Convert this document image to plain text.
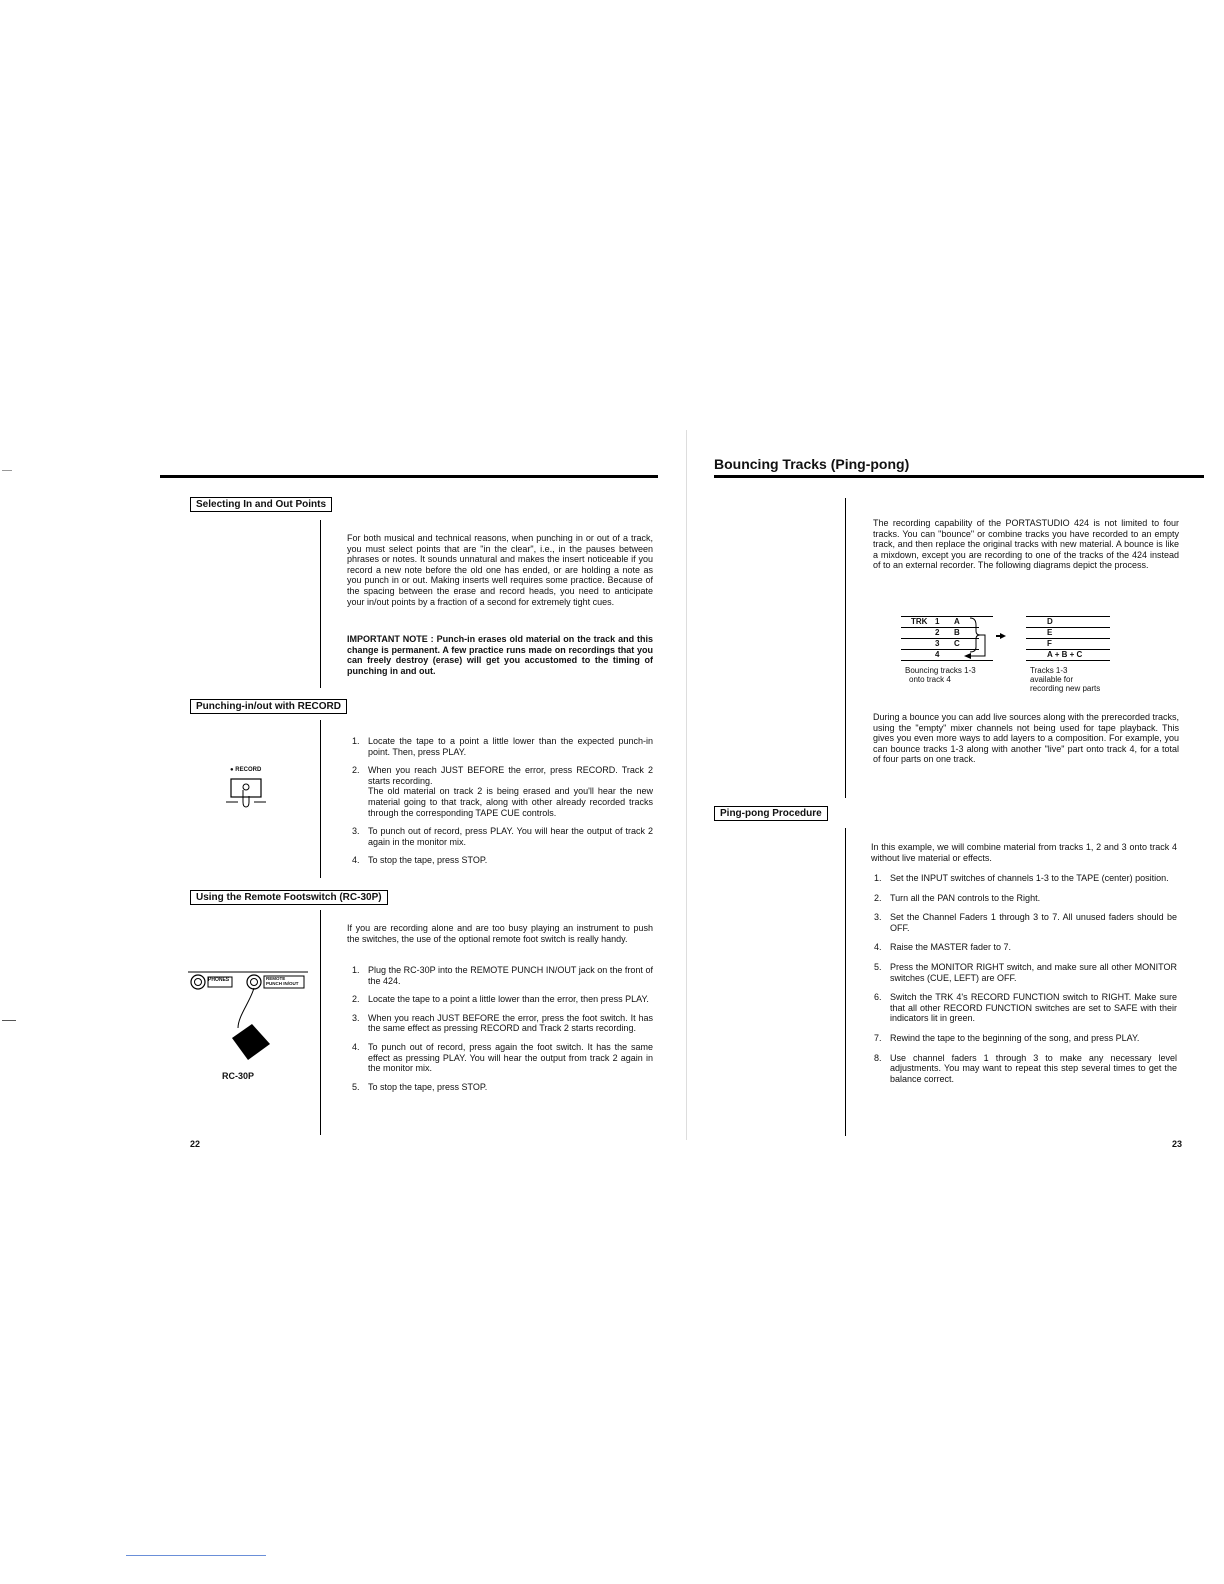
Selecting In and Out Points
For both musical and technical reasons, when punching in or out of a track, you must select points that are "in the clear", i.e., in the pauses between phrases or notes. It sounds unnatural and makes the insert noticeable if you record a new note before the old one has ended, or are holding a note as you punch in or out. Making inserts well requires some practice. Because of the spacing between the erase and record heads, you need to anticipate your in/out points by a fraction of a second for extremely tight cues.
IMPORTANT NOTE : Punch-in erases old material on the track and this change is permanent. A few practice runs made on recordings that you can freely destroy (erase) will get you accustomed to the timing of punching in and out.
Punching-in/out with RECORD
● RECORD
1. Locate the tape to a point a little lower than the expected punch-in point. Then, press PLAY.
2. When you reach JUST BEFORE the error, press RECORD. Track 2 starts recording.
The old material on track 2 is being erased and you'll hear the new material going to that track, along with other already recorded tracks through the corresponding TAPE CUE controls.
3. To punch out of record, press PLAY. You will hear the output of track 2 again in the monitor mix.
4. To stop the tape, press STOP.
Using the Remote Footswitch (RC-30P)
If you are recording alone and are too busy playing an instrument to push the switches, the use of the optional remote foot switch is really handy.
PHONES	REMOTE
PUNCH IN/OUT
RC-30P
1. Plug the RC-30P into the REMOTE PUNCH IN/OUT jack on the front of the 424.
2. Locate the tape to a point a little lower than the error, then press PLAY.
3. When you reach JUST BEFORE the error, press the foot switch. It has the same effect as pressing RECORD and Track 2 starts recording.
4. To punch out of record, press again the foot switch. It has the same effect as pressing PLAY. You will hear the output from track 2 again in the monitor mix.
5. To stop the tape, press STOP.
22
Bouncing Tracks (Ping-pong)
The recording capability of the PORTASTUDIO 424 is not limited to four tracks. You can "bounce" or combine tracks you have recorded to an empty track, and then replace the original tracks with new material. A bounce is like a mixdown, except you are recording to one of the tracks of the 424 instead of to an external recorder. The following diagrams depict the process.
TRK 1 A
2 B
3 C
4
D
E
F
A + B + C
Bouncing tracks 1-3
onto track 4
Tracks 1-3
available for
recording new parts
During a bounce you can add live sources along with the prerecorded tracks, using the "empty" mixer channels not being used for tape playback. This gives you even more ways to add layers to a composition. For example, you can bounce tracks 1-3 along with another "live" part onto track 4, for a total of four parts on one track.
Ping-pong Procedure
In this example, we will combine material from tracks 1, 2 and 3 onto track 4 without live material or effects.
1. Set the INPUT switches of channels 1-3 to the TAPE (center) position.
2. Turn all the PAN controls to the Right.
3. Set the Channel Faders 1 through 3 to 7. All unused faders should be OFF.
4. Raise the MASTER fader to 7.
5. Press the MONITOR RIGHT switch, and make sure all other MONITOR switches (CUE, LEFT) are OFF.
6. Switch the TRK 4's RECORD FUNCTION switch to RIGHT. Make sure that all other RECORD FUNCTION switches are set to SAFE with their indicators lit in green.
7. Rewind the tape to the beginning of the song, and press PLAY.
8. Use channel faders 1 through 3 to make any necessary level adjustments. You may want to repeat this step several times to get the balance correct.
23
